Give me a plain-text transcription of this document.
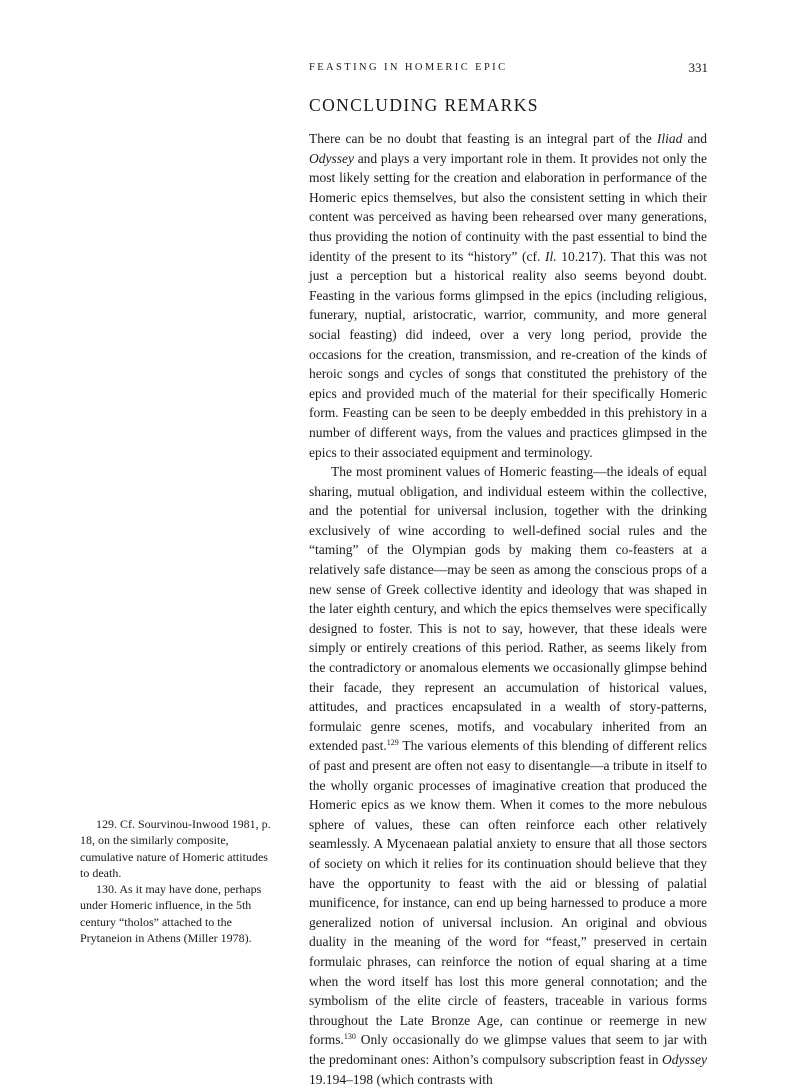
FEASTING IN HOMERIC EPIC	331
CONCLUDING REMARKS

There can be no doubt that feasting is an integral part of the Iliad and Odyssey and plays a very important role in them. It provides not only the most likely setting for the creation and elaboration in performance of the Homeric epics themselves, but also the consistent setting in which their content was perceived as having been rehearsed over many generations, thus providing the notion of continuity with the past essential to bind the identity of the present to its “history” (cf. Il. 10.217). That this was not just a perception but a historical reality also seems beyond doubt. Feasting in the various forms glimpsed in the epics (including religious, funerary, nuptial, aristocratic, warrior, community, and more general social feasting) did indeed, over a very long period, provide the occasions for the creation, transmission, and re-creation of the kinds of heroic songs and cycles of songs that constituted the prehistory of the epics and provided much of the material for their specifically Homeric form. Feasting can be seen to be deeply embedded in this prehistory in a number of different ways, from the values and practices glimpsed in the epics to their associated equipment and terminology.

The most prominent values of Homeric feasting—the ideals of equal sharing, mutual obligation, and individual esteem within the collective, and the potential for universal inclusion, together with the drinking exclusively of wine according to well-defined social rules and the “taming” of the Olympian gods by making them co-feasters at a relatively safe distance—may be seen as among the conscious props of a new sense of Greek collective identity and ideology that was shaped in the later eighth century, and which the epics themselves were specifically designed to foster. This is not to say, however, that these ideals were simply or entirely creations of this period. Rather, as seems likely from the contradictory or anomalous elements we occasionally glimpse behind their facade, they represent an accumulation of historical values, attitudes, and practices encapsulated in a wealth of story-patterns, formulaic genre scenes, motifs, and vocabulary inherited from an extended past.$^{129}$ The various elements of this blending of different relics of past and present are often not easy to disentangle—a tribute in itself to the wholly organic processes of imaginative creation that produced the Homeric epics as we know them. When it comes to the more nebulous sphere of values, these can often reinforce each other relatively seamlessly. A Mycenaean palatial anxiety to ensure that all those sectors of society on which it relies for its continuation should believe that they have the opportunity to feast with the aid or blessing of palatial munificence, for instance, can end up being harnessed to produce a more generalized notion of universal inclusion. An original and obvious duality in the meaning of the word for “feast,” preserved in certain formulaic phrases, can reinforce the notion of equal sharing at a time when the word itself has lost this more general connotation; and the symbolism of the elite circle of feasters, traceable in various forms throughout the Late Bronze Age, can continue or reemerge in new forms.$^{130}$ Only occasionally do we glimpse values that seem to jar with the predominant ones: Aithon’s compulsory subscription feast in Odyssey 19.194–198 (which contrasts with

129. Cf. Sourvinou-Inwood 1981, p. 18, on the similarly composite, cumulative nature of Homeric attitudes to death.

130. As it may have done, perhaps under Homeric influence, in the 5th century “tholos” attached to the Prytaneion in Athens (Miller 1978).
